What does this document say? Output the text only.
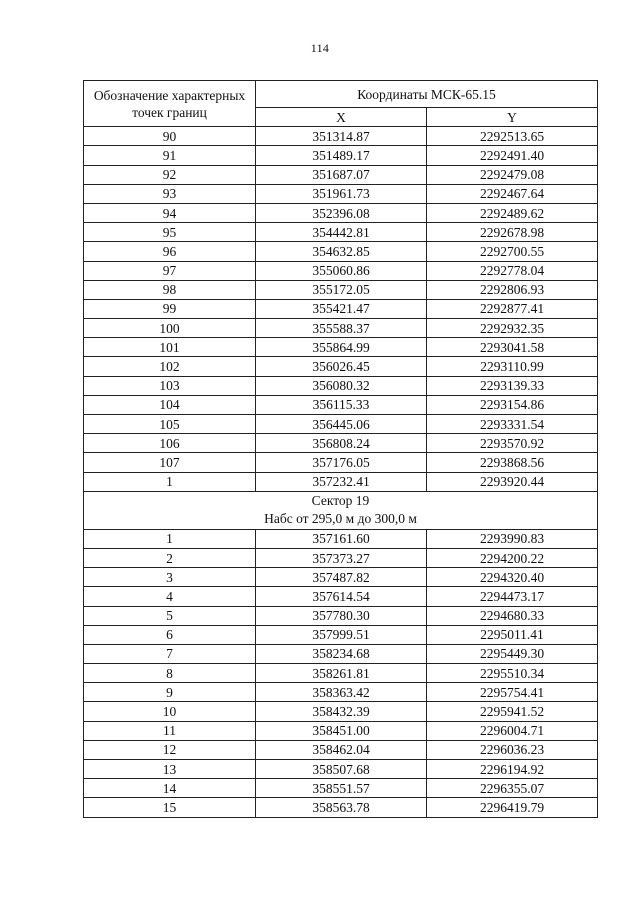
114
Обозначение характерных
точек границ	Координаты МСК-65.15	
	X	Y
90	351314.87	2292513.65
91	351489.17	2292491.40
92	351687.07	2292479.08
93	351961.73	2292467.64
94	352396.08	2292489.62
95	354442.81	2292678.98
96	354632.85	2292700.55
97	355060.86	2292778.04
98	355172.05	2292806.93
99	355421.47	2292877.41
100	355588.37	2292932.35
101	355864.99	2293041.58
102	356026.45	2293110.99
103	356080.32	2293139.33
104	356115.33	2293154.86
105	356445.06	2293331.54
106	356808.24	2293570.92
107	357176.05	2293868.56
1	357232.41	2293920.44

Сектор 19
Набс от 295,0 м до 300,0 м		

1	357161.60	2293990.83
2	357373.27	2294200.22
3	357487.82	2294320.40
4	357614.54	2294473.17
5	357780.30	2294680.33
6	357999.51	2295011.41
7	358234.68	2295449.30
8	358261.81	2295510.34
9	358363.42	2295754.41
10	358432.39	2295941.52
11	358451.00	2296004.71
12	358462.04	2296036.23
13	358507.68	2296194.92
14	358551.57	2296355.07
15	358563.78	2296419.79
